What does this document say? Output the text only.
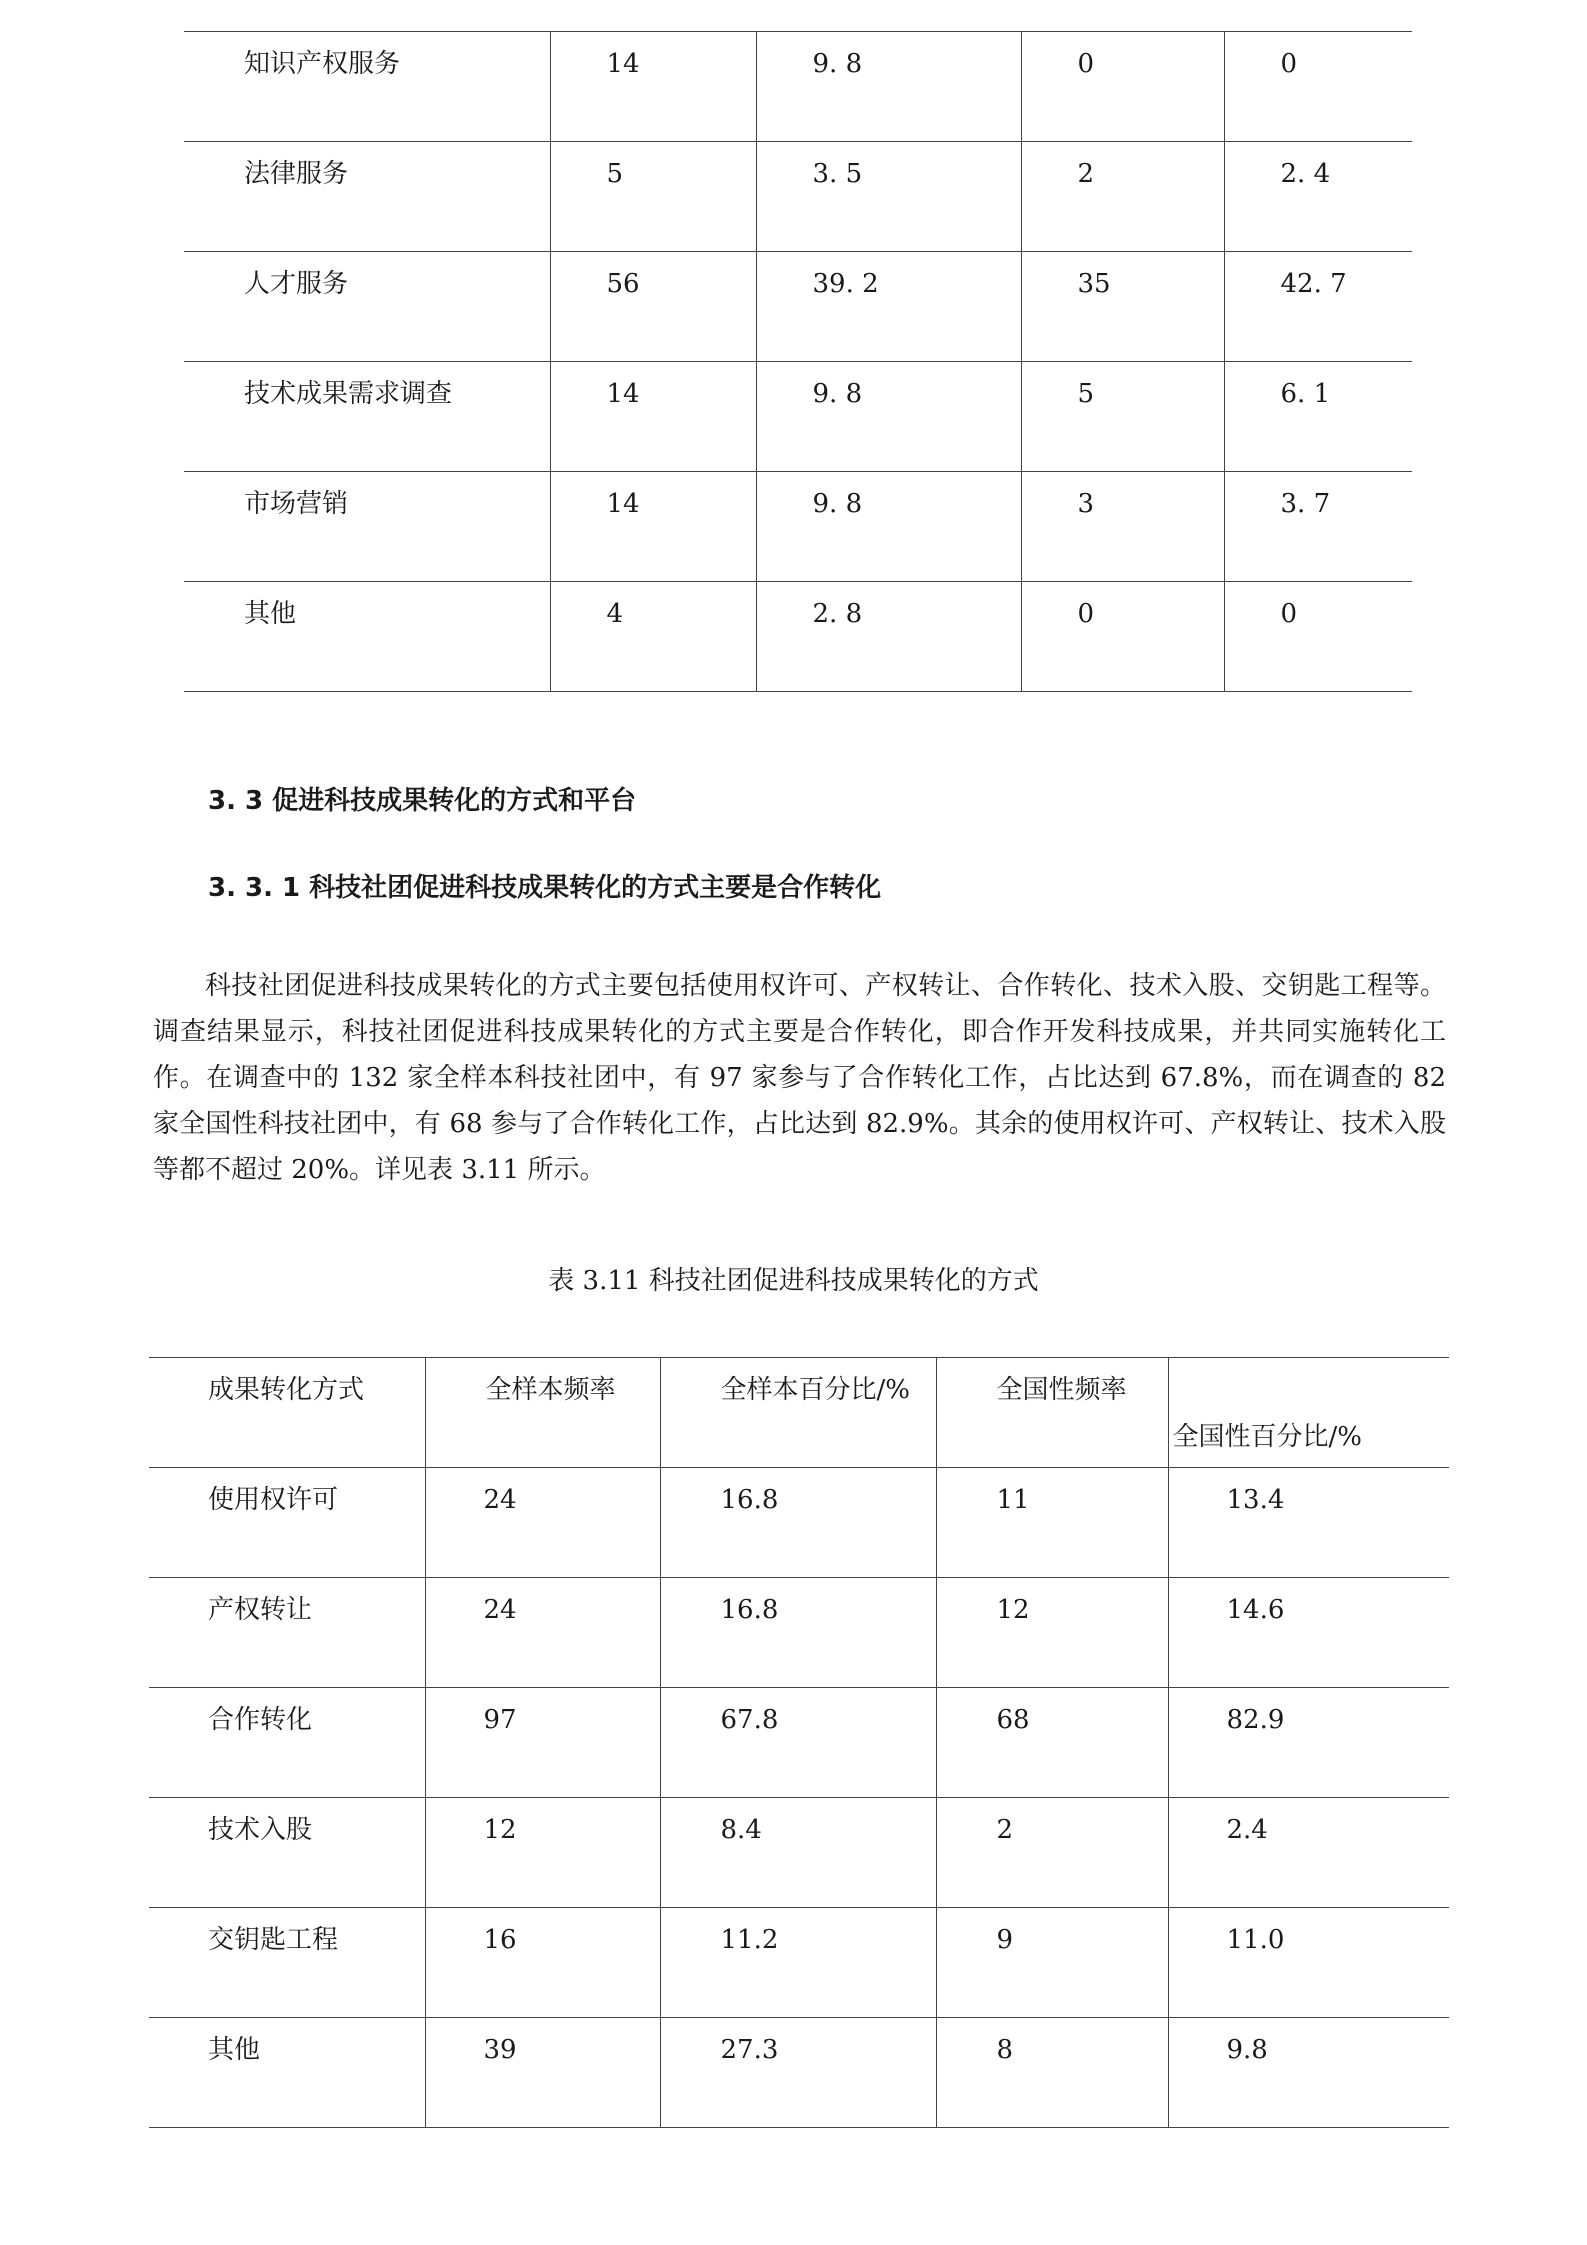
知识产权服务	14	9. 8	0	0
法律服务	5	3. 5	2	2. 4
人才服务	56	39. 2	35	42. 7
技术成果需求调查	14	9. 8	5	6. 1
市场营销	14	9. 8	3	3. 7
其他	4	2. 8	0	0
3. 3 促进科技成果转化的方式和平台
3. 3. 1 科技社团促进科技成果转化的方式主要是合作转化

科技社团促进科技成果转化的方式主要包括使用权许可、产权转让、合作转化、技术入股、交钥匙工程等。调查结果显示，科技社团促进科技成果转化的方式主要是合作转化，即合作开发科技成果，并共同实施转化工作。在调查中的 132 家全样本科技社团中，有 97 家参与了合作转化工作，占比达到 67.8%，而在调查的 82 家全国性科技社团中，有 68 参与了合作转化工作，占比达到 82.9%。其余的使用权许可、产权转让、技术入股等都不超过 20%。详见表 3.11 所示。

表 3.11 科技社团促进科技成果转化的方式
成果转化方式	全样本频率	全样本百分比/%	全国性频率	全国性百分比/%
使用权许可	24	16.8	11	13.4
产权转让	24	16.8	12	14.6
合作转化	97	67.8	68	82.9
技术入股	12	8.4	2	2.4
交钥匙工程	16	11.2	9	11.0
其他	39	27.3	8	9.8
